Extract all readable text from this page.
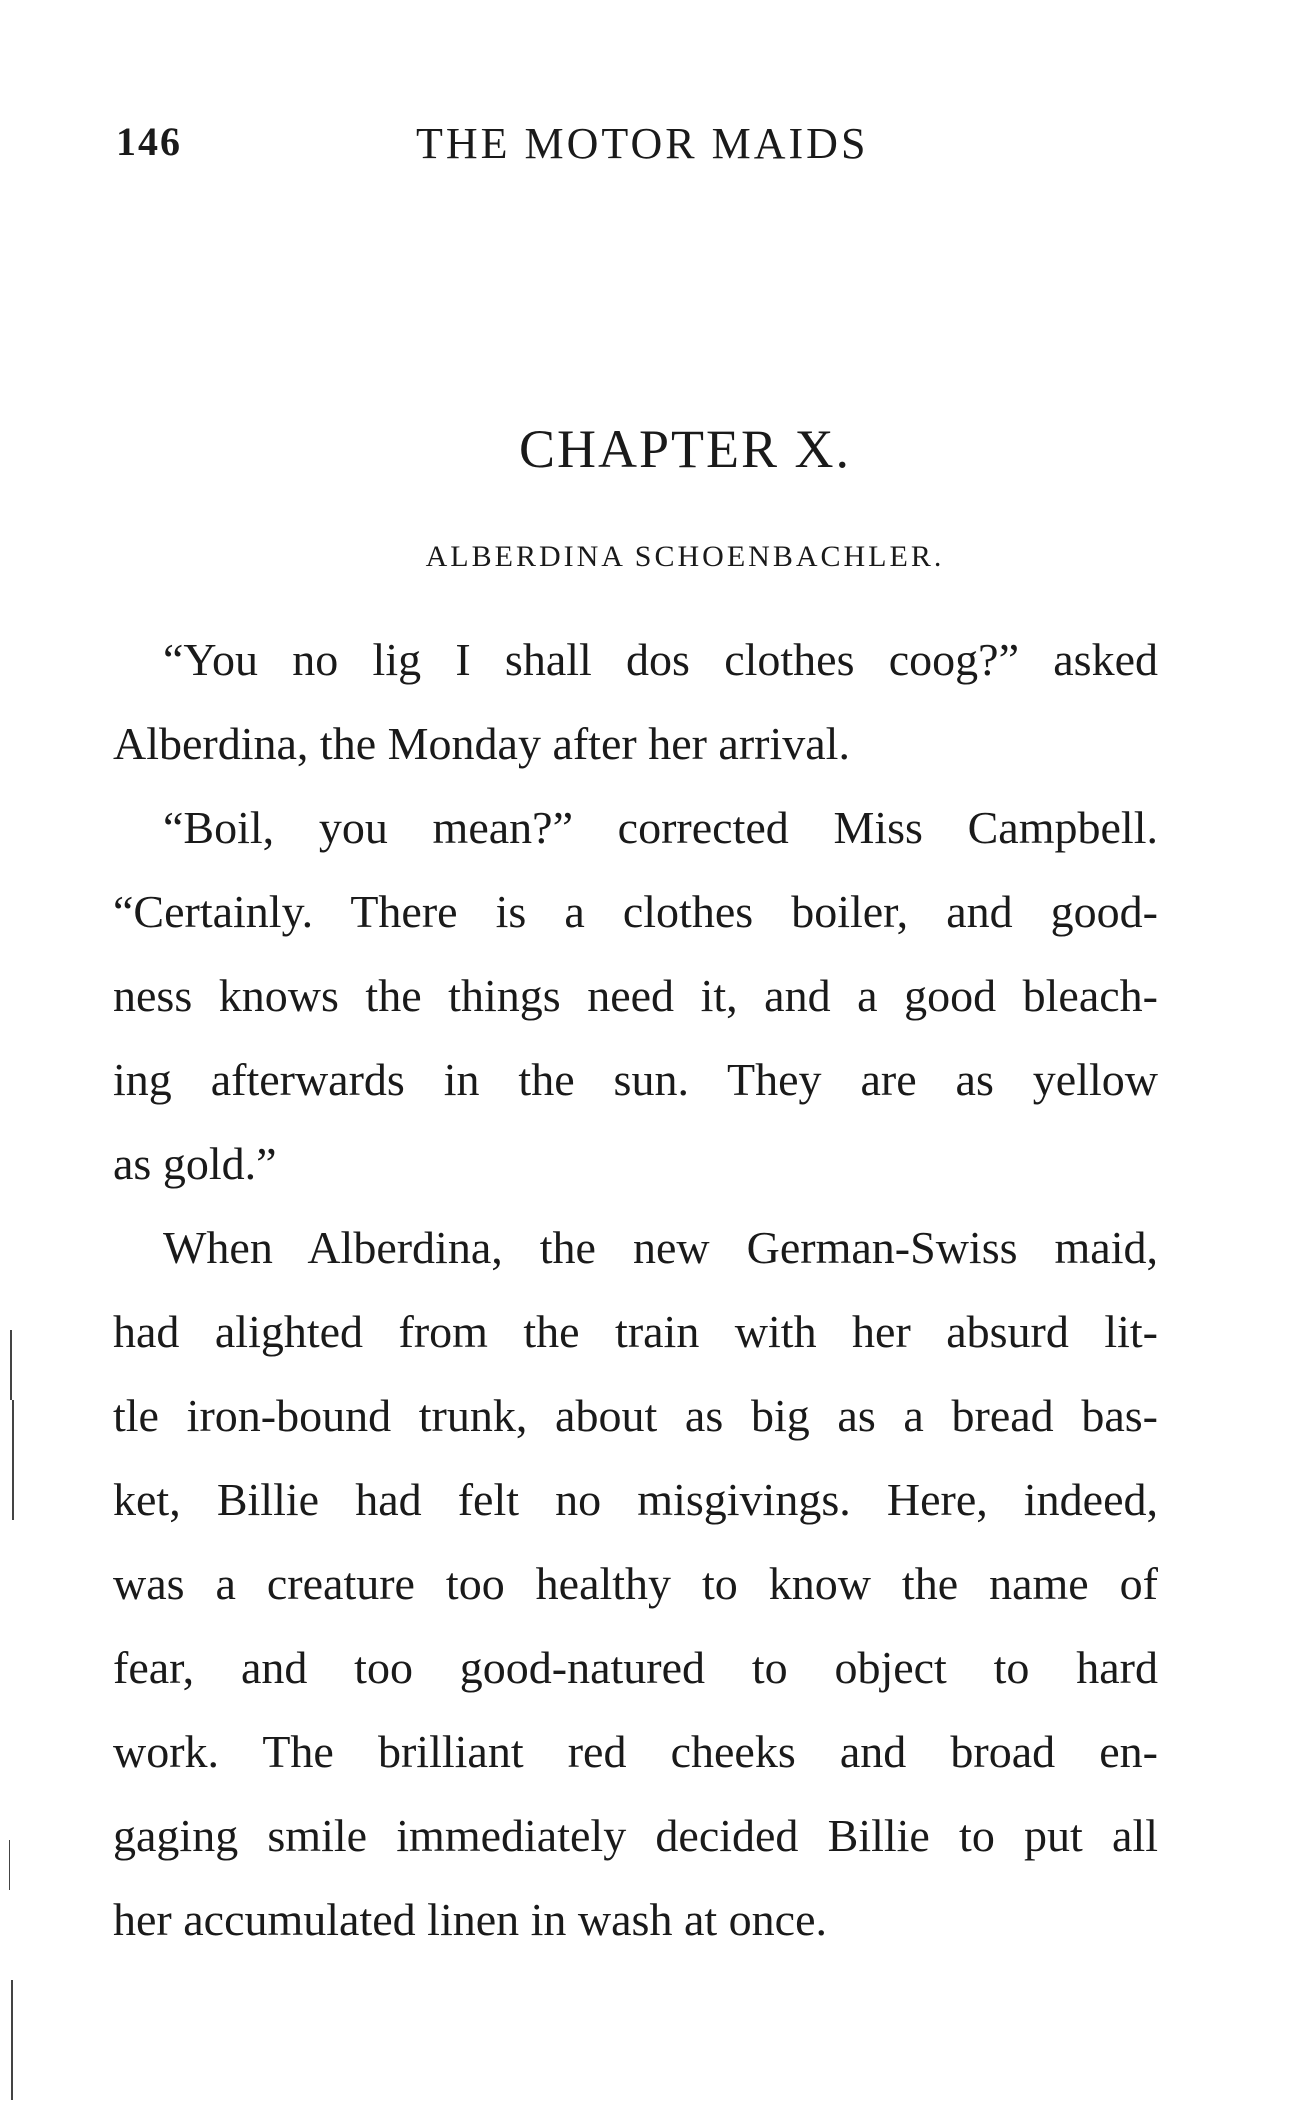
146	THE MOTOR MAIDS
CHAPTER X.
ALBERDINA SCHOENBACHLER.
“You no lig I shall dos clothes coog?” asked
Alberdina, the Monday after her arrival.
“Boil, you mean?” corrected Miss Campbell.
“Certainly. There is a clothes boiler, and good-
ness knows the things need it, and a good bleach-
ing afterwards in the sun. They are as yellow
as gold.”
When Alberdina, the new German-Swiss maid,
had alighted from the train with her absurd lit-
tle iron-bound trunk, about as big as a bread bas-
ket, Billie had felt no misgivings. Here, indeed,
was a creature too healthy to know the name of
fear, and too good-natured to object to hard
work. The brilliant red cheeks and broad en-
gaging smile immediately decided Billie to put all
her accumulated linen in wash at once.
